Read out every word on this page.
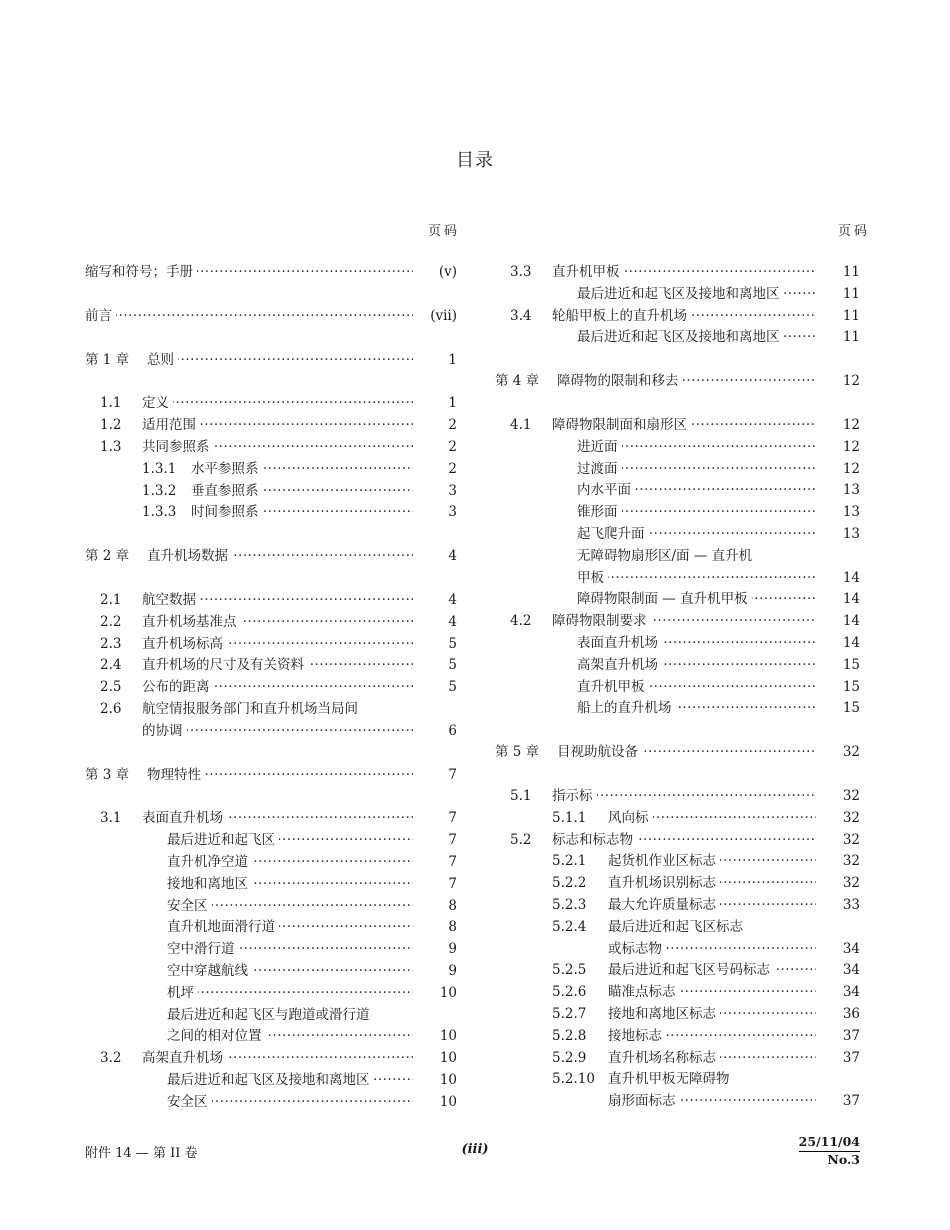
目录
页码	页码
缩写和符号；手册 ·····	(v)
前言 ·····	(vii)
第 1 章 总则 ·····	1
1.1 定义 ·····	1
1.2 适用范围 ·····	2
1.3 共同参照系 ·····	2
1.3.1 水平参照系 ·····	2
1.3.2 垂直参照系 ·····	3
1.3.3 时间参照系 ·····	3
第 2 章 直升机场数据 ·····	4
2.1 航空数据 ·····	4
2.2 直升机场基准点 ·····	4
2.3 直升机场标高 ·····	5
2.4 直升机场的尺寸及有关资料 ·····	5
2.5 公布的距离 ·····	5
2.6 航空情报服务部门和直升机场当局间
的协调 ·····	6
第 3 章 物理特性 ·····	7
3.1 表面直升机场 ·····	7
最后进近和起飞区 ·····	7
直升机净空道 ·····	7
接地和离地区 ·····	7
安全区 ·····	8
直升机地面滑行道 ·····	8
空中滑行道 ·····	9
空中穿越航线 ·····	9
机坪 ·····	10
最后进近和起飞区与跑道或滑行道
之间的相对位置 ·····	10
3.2 高架直升机场 ·····	10
最后进近和起飞区及接地和离地区 ·····	10
安全区 ·····	10
3.3 直升机甲板 ·····	11
最后进近和起飞区及接地和离地区 ·····	11
3.4 轮船甲板上的直升机场 ·····	11
最后进近和起飞区及接地和离地区 ·····	11
第 4 章 障碍物的限制和移去 ·····	12
4.1 障碍物限制面和扇形区 ·····	12
进近面 ·····	12
过渡面 ·····	12
内水平面 ·····	13
锥形面 ·····	13
起飞爬升面 ·····	13
无障碍物扇形区/面 — 直升机
甲板 ·····	14
障碍物限制面 — 直升机甲板 ·····	14
4.2 障碍物限制要求 ·····	14
表面直升机场 ·····	14
高架直升机场 ·····	15
直升机甲板 ·····	15
船上的直升机场 ·····	15
第 5 章 目视助航设备 ·····	32
5.1 指示标 ·····	32
5.1.1 风向标 ·····	32
5.2 标志和标志物 ·····	32
5.2.1 起货机作业区标志 ·····	32
5.2.2 直升机场识别标志 ·····	32
5.2.3 最大允许质量标志 ·····	33
5.2.4 最后进近和起飞区标志
或标志物 ·····	34
5.2.5 最后进近和起飞区号码标志 ·····	34
5.2.6 瞄准点标志 ·····	34
5.2.7 接地和离地区标志 ·····	36
5.2.8 接地标志 ·····	37
5.2.9 直升机场名称标志 ·····	37
5.2.10 直升机甲板无障碍物
扇形面标志 ·····	37
附件 14 — 第 II 卷	(iii)
25/11/04
No.3
